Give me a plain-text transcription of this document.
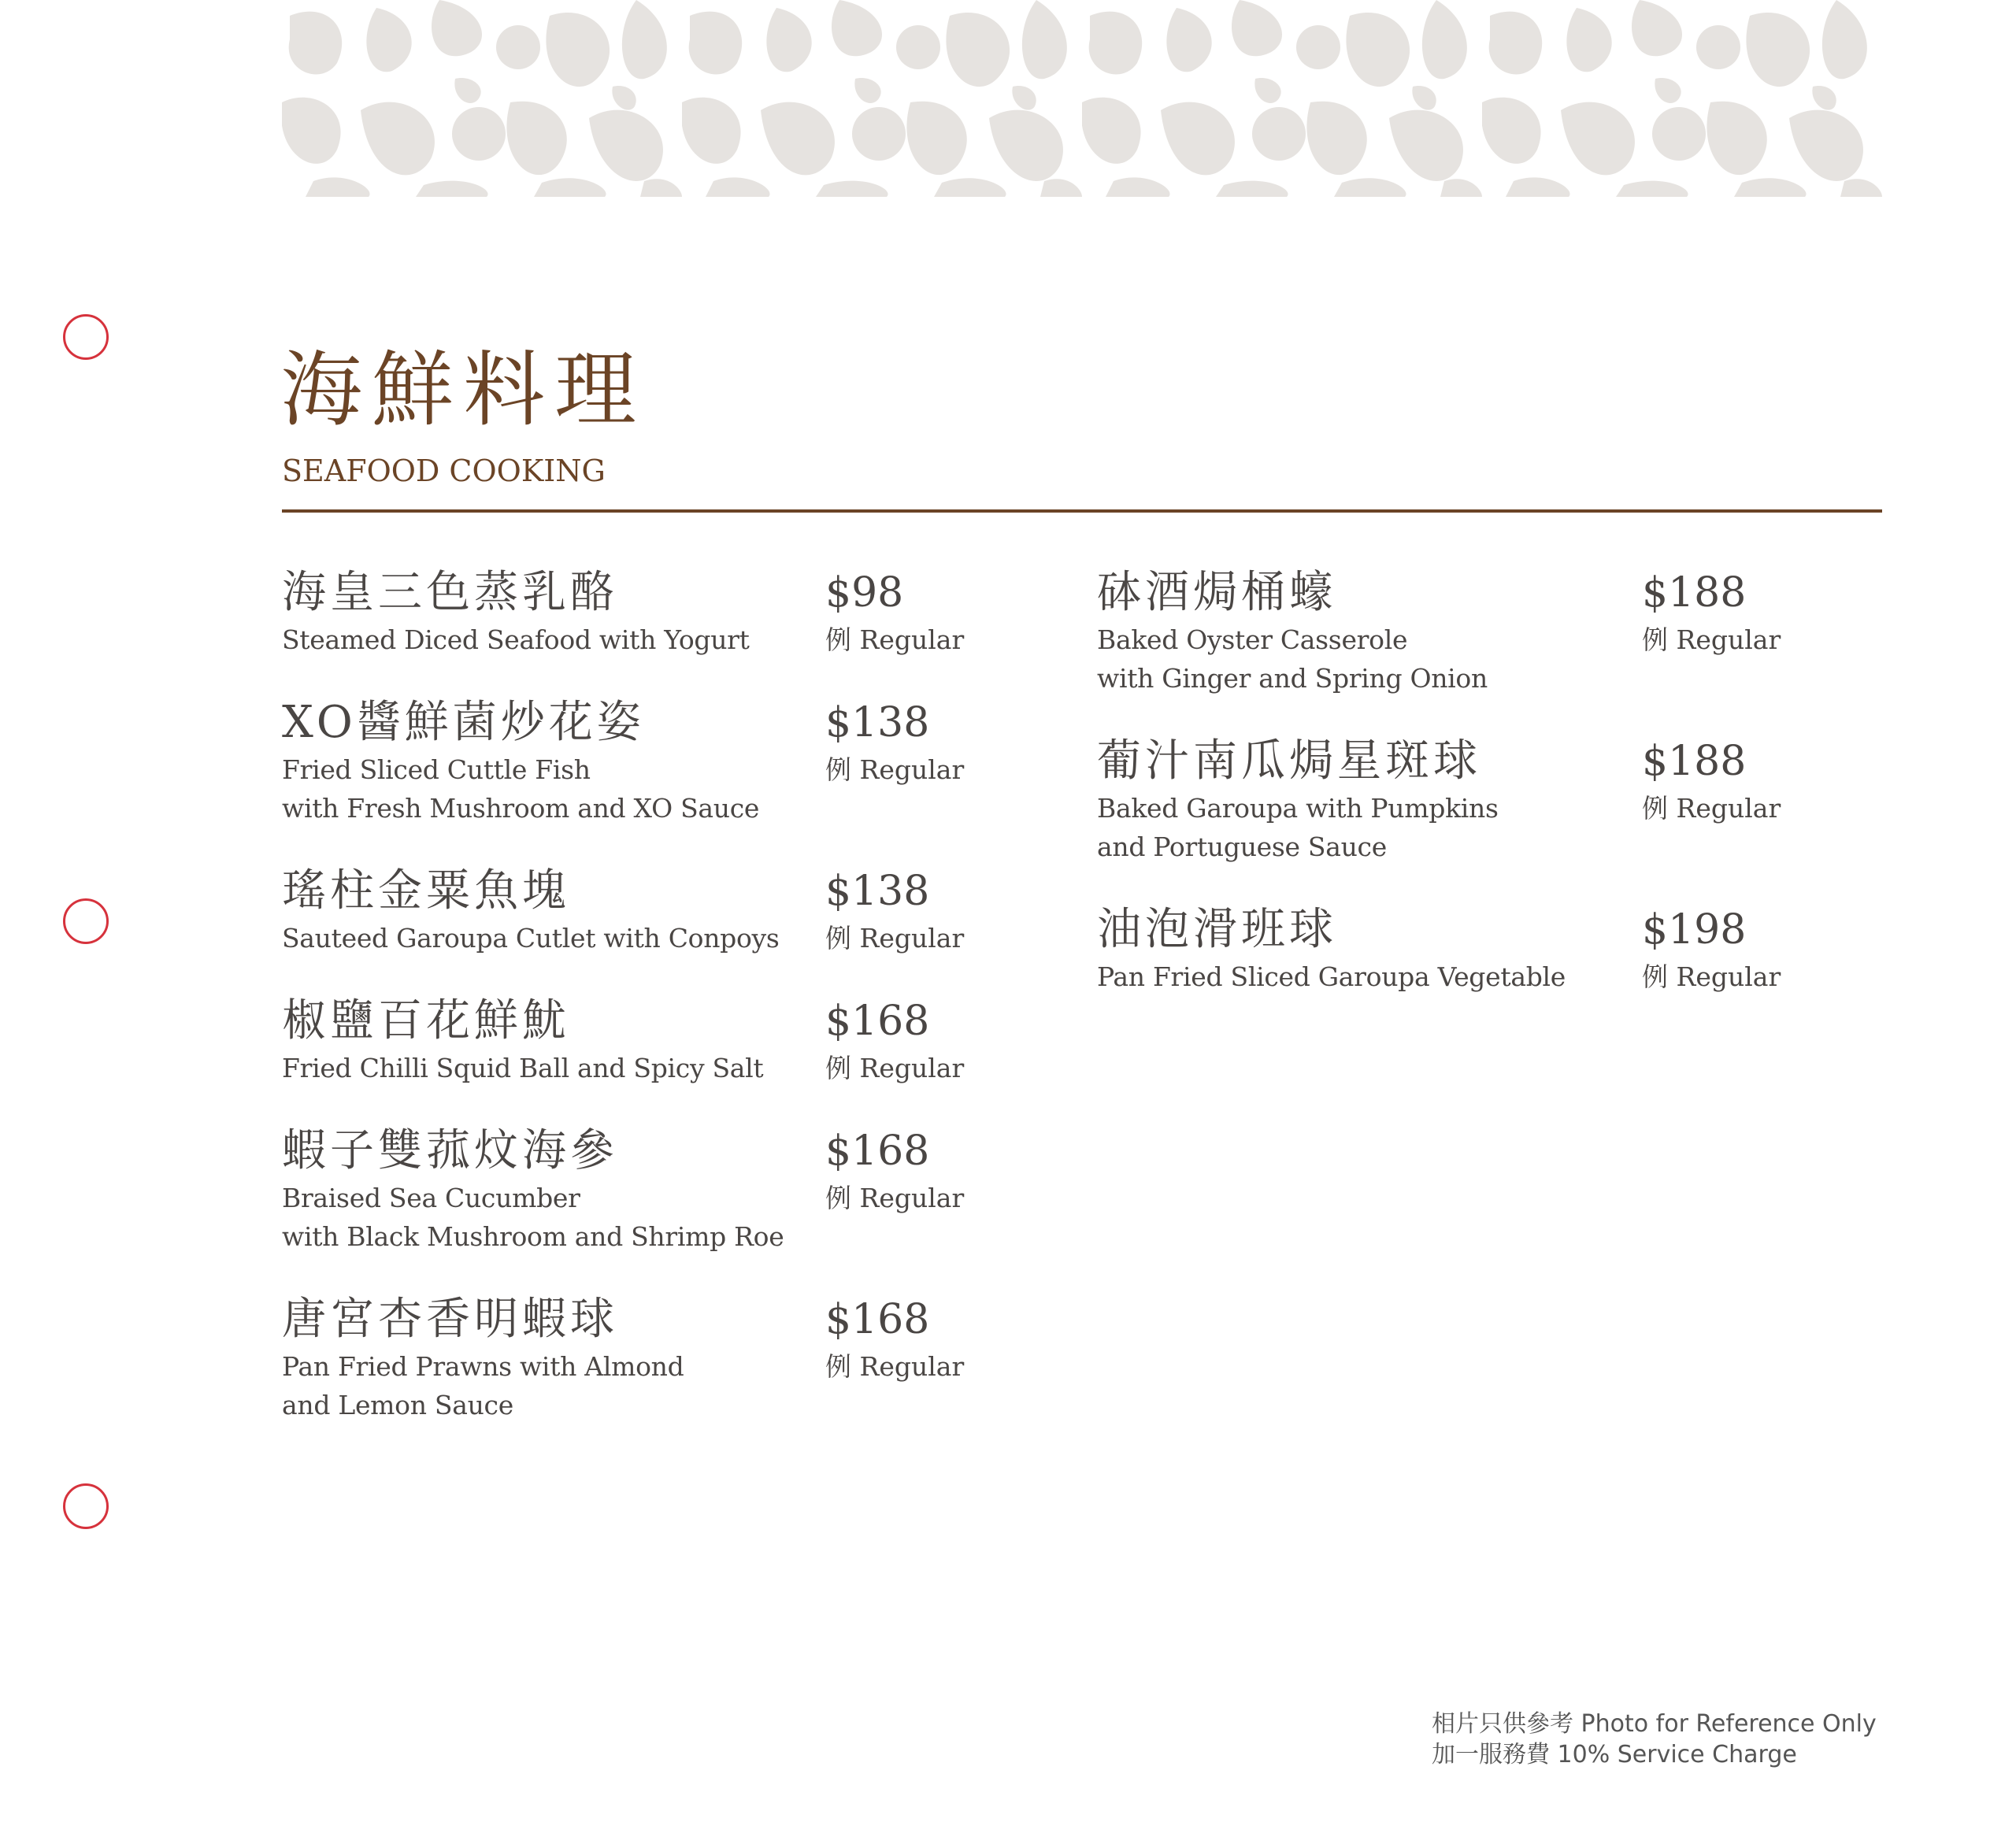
海鮮料理
SEAFOOD COOKING
海皇三色蒸乳酪
Steamed Diced Seafood with Yogurt
$98
例 Regular
XO醬鮮菌炒花姿
Fried Sliced Cuttle Fish
with Fresh Mushroom and XO Sauce
$138
例 Regular
瑤柱金粟魚塊
Sauteed Garoupa Cutlet with Conpoys
$138
例 Regular
椒鹽百花鮮魷
Fried Chilli Squid Ball and Spicy Salt
$168
例 Regular
蝦子雙菰炆海參
Braised Sea Cucumber
with Black Mushroom and Shrimp Roe
$168
例 Regular
唐宮杏香明蝦球
Pan Fried Prawns with Almond
and Lemon Sauce
$168
例 Regular
砵酒焗桶蠔
Baked Oyster Casserole
with Ginger and Spring Onion
$188
例 Regular
葡汁南瓜焗星斑球
Baked Garoupa with Pumpkins
and Portuguese Sauce
$188
例 Regular
油泡滑班球
Pan Fried Sliced Garoupa Vegetable
$198
例 Regular
相片只供參考 Photo for Reference Only
加一服務費 10% Service Charge
